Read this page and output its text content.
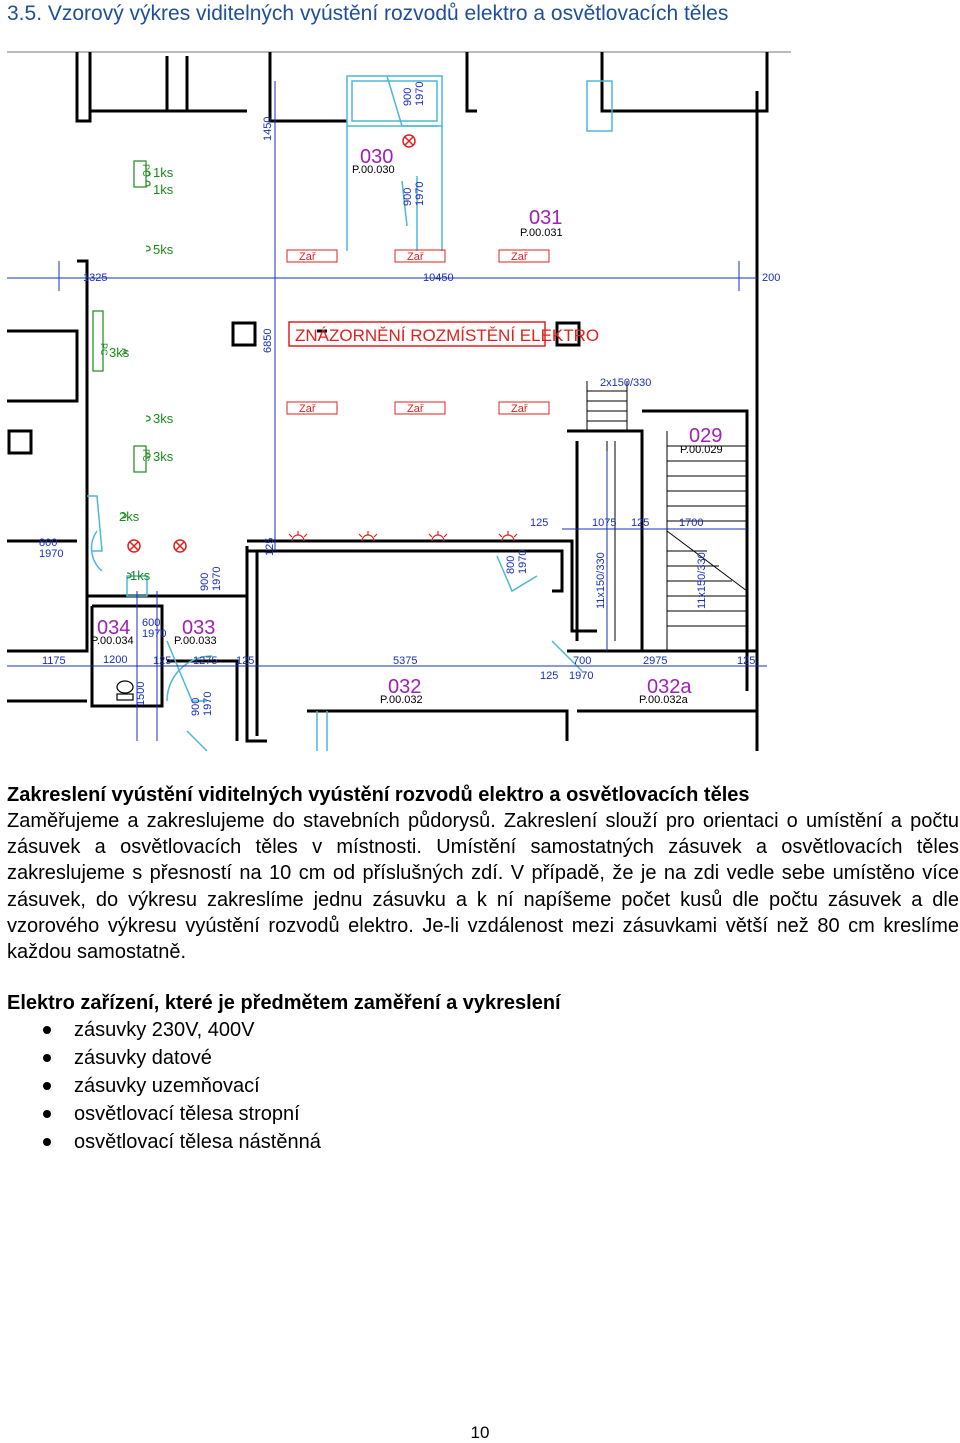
3.5. Vzorový výkres viditelných vyústění rozvodů elektro a osvětlovacích těles
1325	10450	200
1175	1200 125 1275 125	5375	700	2975	125
125	1075 125	1700
125 1970
800
1970
600
1970
2x150/330
1450
6850
125
1500
11x150/330	11x150/330
900 1970
900 1970
900 1970
800 1970
900 1970
030
031
029
034	033
032	032a
P.00.030
P.00.031
P.00.029
P.00.034	P.00.033
P.00.032	P.00.032a
ZNÁZORNĚNÍ ROZMÍSTĚNÍ ELEKTRO
Zař	Zař	Zař
Zař	Zař	Zař
1ks
1ks
5ks
3ks
3ks
3ks
2ks
1ks
PC
PC
PC

Zakreslení vyústění viditelných vyústění rozvodů elektro a osvětlovacích těles

Zaměřujeme a zakreslujeme do stavebních půdorysů. Zakreslení slouží pro orientaci o umístění a počtu zásuvek a osvětlovacích těles v místnosti. Umístění samostatných zásuvek a osvětlovacích těles zakreslujeme s přesností na 10 cm od příslušných zdí. V případě, že je na zdi vedle sebe umístěno více zásuvek, do výkresu zakreslíme jednu zásuvku a k ní napíšeme počet kusů dle počtu zásuvek a dle vzorového výkresu vyústění rozvodů elektro. Je-li vzdálenost mezi zásuvkami větší než 80 cm kreslíme každou samostatně.

Elektro zařízení, které je předmětem zaměření a vykreslení

zásuvky 230V, 400V
zásuvky datové
zásuvky uzemňovací
osvětlovací tělesa stropní
osvětlovací tělesa nástěnná
10
